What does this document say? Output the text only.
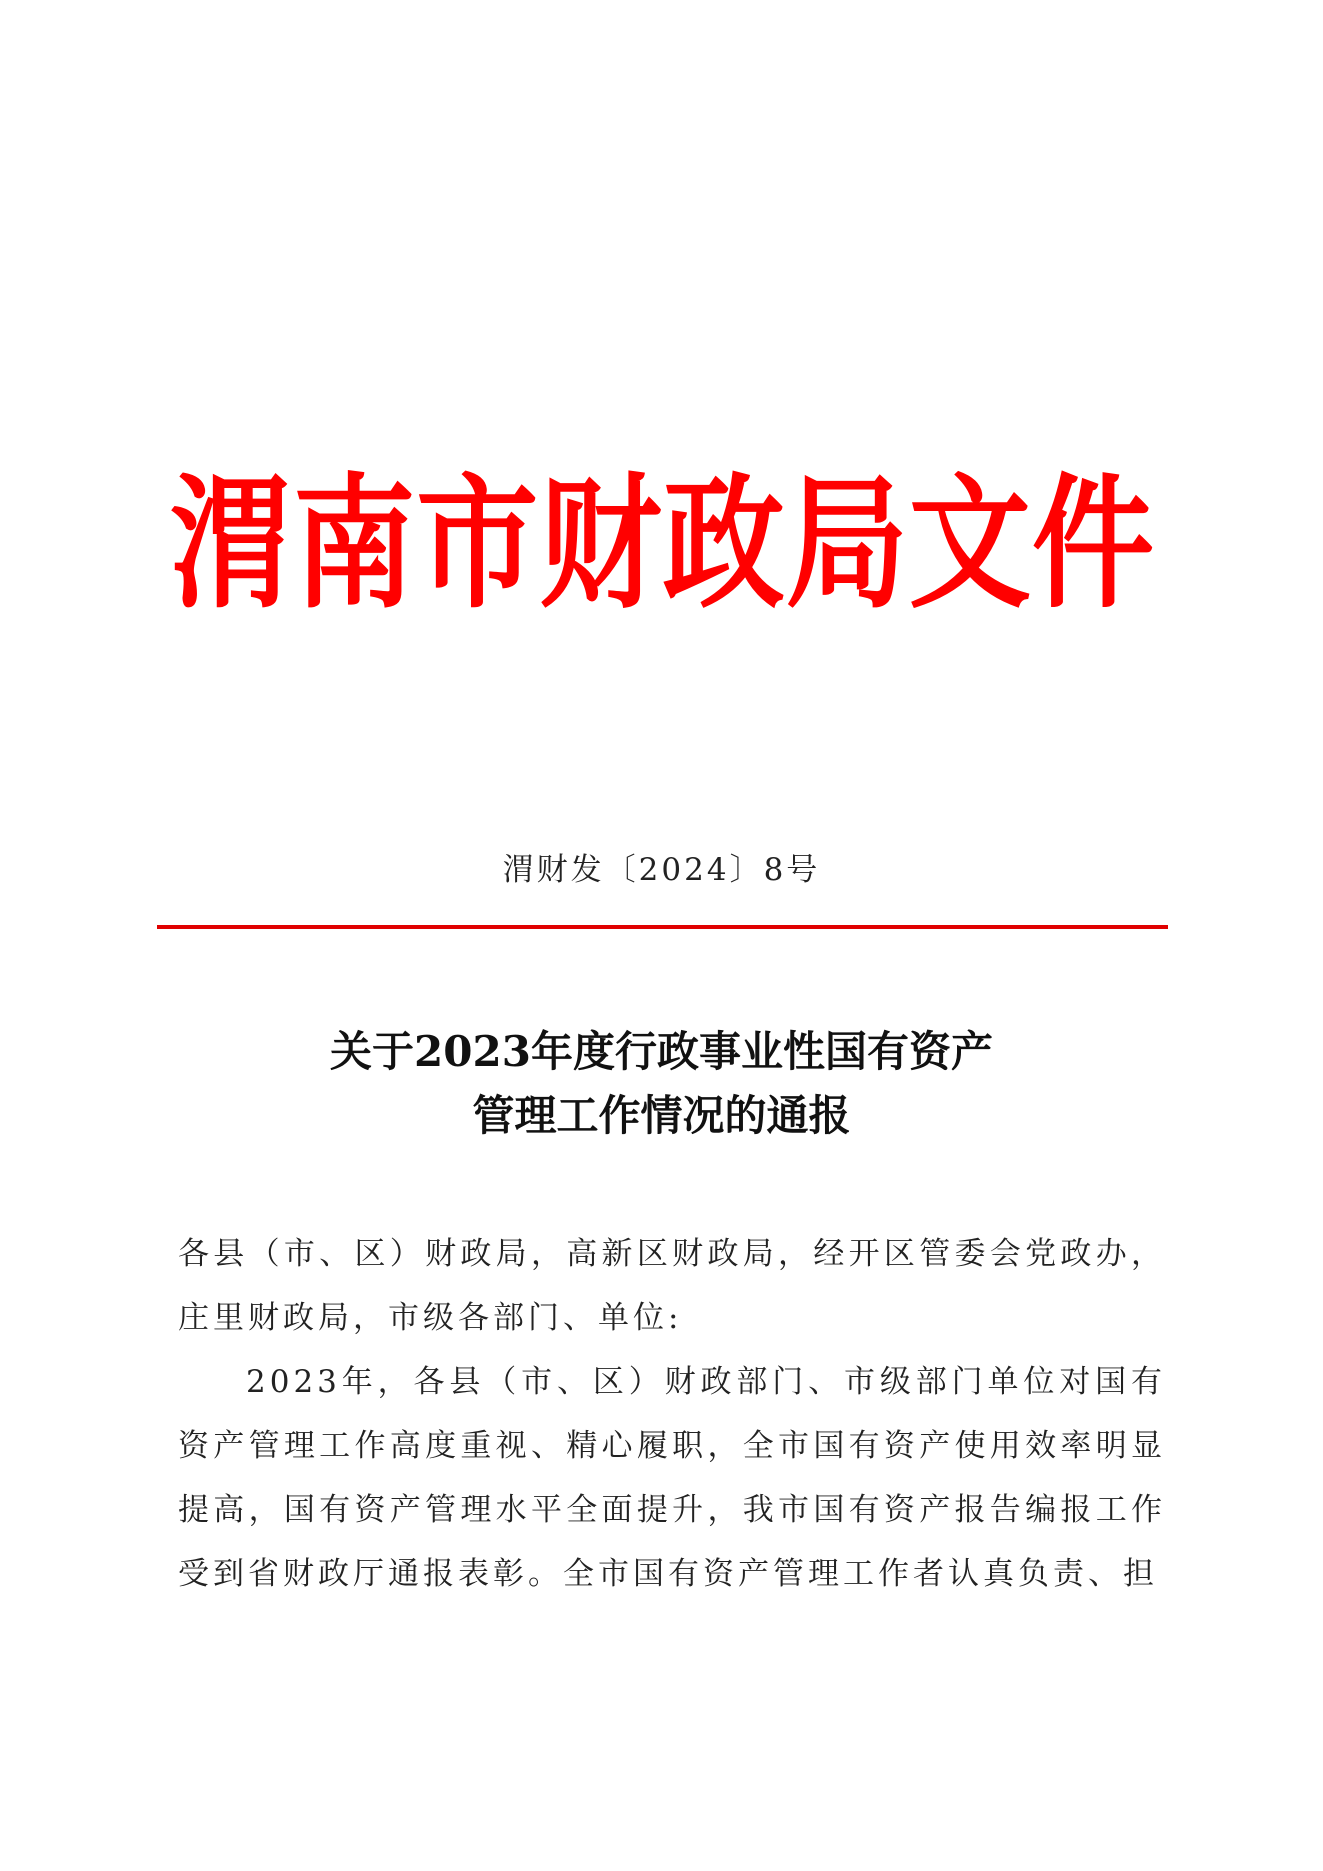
渭 南 市 财 政 局 文 件
渭财发〔2024〕8号
关于2023年度行政事业性国有资产
管理工作情况的通报

各县（市、区）财政局，高新区财政局，经开区管委会党政办，庄里财政局，市级各部门、单位:

2023年，各县（市、区）财政部门、市级部门单位对国有资产管理工作高度重视、精心履职，全市国有资产使用效率明显提高，国有资产管理水平全面提升，我市国有资产报告编报工作受到省财政厅通报表彰。全市国有资产管理工作者认真负责、担
